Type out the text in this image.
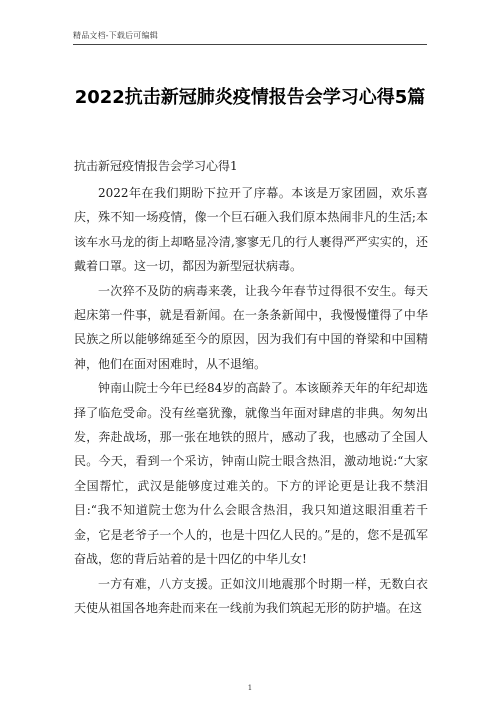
精品文档-下载后可编辑
2022抗击新冠肺炎疫情报告会学习心得5篇
抗击新冠疫情报告会学习心得1

2022年在我们期盼下拉开了序幕。本该是万家团圆，欢乐喜庆，殊不知一场疫情，像一个巨石砸入我们原本热闹非凡的生活;本该车水马龙的街上却略显冷清,寥寥无几的行人裹得严严实实的，还戴着口罩。这一切，都因为新型冠状病毒。

一次猝不及防的病毒来袭，让我今年春节过得很不安生。每天起床第一件事，就是看新闻。在一条条新闻中，我慢慢懂得了中华民族之所以能够绵延至今的原因，因为我们有中国的脊梁和中国精神，他们在面对困难时，从不退缩。

钟南山院士今年已经84岁的高龄了。本该颐养天年的年纪却选择了临危受命。没有丝毫犹豫，就像当年面对肆虐的非典。匆匆出发，奔赴战场，那一张在地铁的照片，感动了我，也感动了全国人民。今天，看到一个采访，钟南山院士眼含热泪，激动地说:“大家全国帮忙，武汉是能够度过难关的。下方的评论更是让我不禁泪目:“我不知道院士您为什么会眼含热泪，我只知道这眼泪重若千金，它是老爷子一个人的，也是十四亿人民的。”是的，您不是孤军奋战，您的背后站着的是十四亿的中华儿女!

一方有难，八方支援。正如汶川地震那个时期一样，无数白衣天使从祖国各地奔赴而来在一线前为我们筑起无形的防护墙。在这

1
